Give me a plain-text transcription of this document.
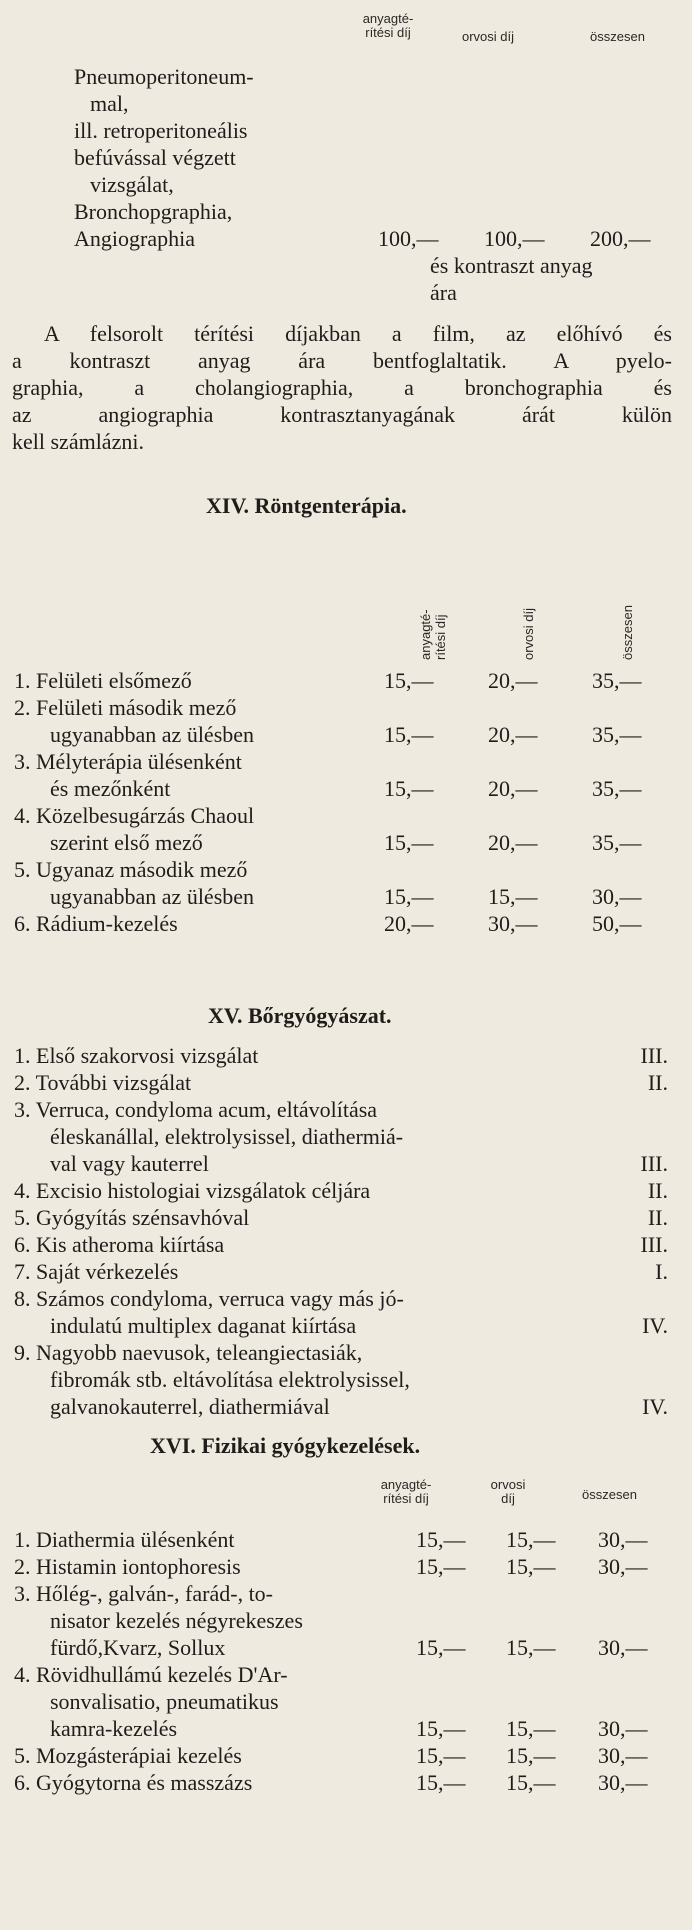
anyagté-
rítési díj	orvosi díj	összesen
Pneumoperitoneum-
mal,
ill. retroperitoneális
befúvással végzett
vizsgálat,
Bronchopgraphia,
Angiographia	100,— 100,— 200,—
és kontraszt anyag
ára
A felsorolt térítési díjakban a film, az előhívó és
a kontraszt anyag ára bentfoglaltatik. A pyelo-
graphia, a cholangiographia, a bronchographia és
az angiographia kontrasztanyagának árát külön
kell számlázni.
XIV. Röntgenterápia.
anyagté- rítési díj	orvosi díj	összesen
1. Felületi elsőmező	15,— 20,— 35,—
2. Felületi második mező
ugyanabban az ülésben	15,— 20,— 35,—
3. Mélyterápia ülésenként
és mezőnként	15,— 20,— 35,—
4. Közelbesugárzás Chaoul
szerint első mező	15,— 20,— 35,—
5. Ugyanaz második mező
ugyanabban az ülésben	15,— 15,— 30,—
6. Rádium-kezelés	20,— 30,— 50,—
XV. Bőrgyógyászat.
1. Első szakorvosi vizsgálat	III.
2. További vizsgálat	II.
3. Verruca, condyloma acum, eltávolítása
éleskanállal, elektrolysissel, diathermiá-
val vagy kauterrel	III.
4. Excisio histologiai vizsgálatok céljára	II.
5. Gyógyítás szénsavhóval	II.
6. Kis atheroma kiírtása	III.
7. Saját vérkezelés	I.
8. Számos condyloma, verruca vagy más jó-
indulatú multiplex daganat kiírtása	IV.
9. Nagyobb naevusok, teleangiectasiák,
fibromák stb. eltávolítása elektrolysissel,
galvanokauterrel, diathermiával	IV.
XVI. Fizikai gyógykezelések.
anyagté-
rítési díj
orvosi
díj	összesen
1. Diathermia ülésenként	15,— 15,— 30,—
2. Histamin iontophoresis	15,— 15,— 30,—
3. Hőlég-, galván-, farád-, to-
nisator kezelés négyrekeszes
fürdő,Kvarz, Sollux	15,— 15,— 30,—
4. Rövidhullámú kezelés D'Ar-
sonvalisatio, pneumatikus
kamra-kezelés	15,— 15,— 30,—
5. Mozgásterápiai kezelés	15,— 15,— 30,—
6. Gyógytorna és masszázs	15,— 15,— 30,—
